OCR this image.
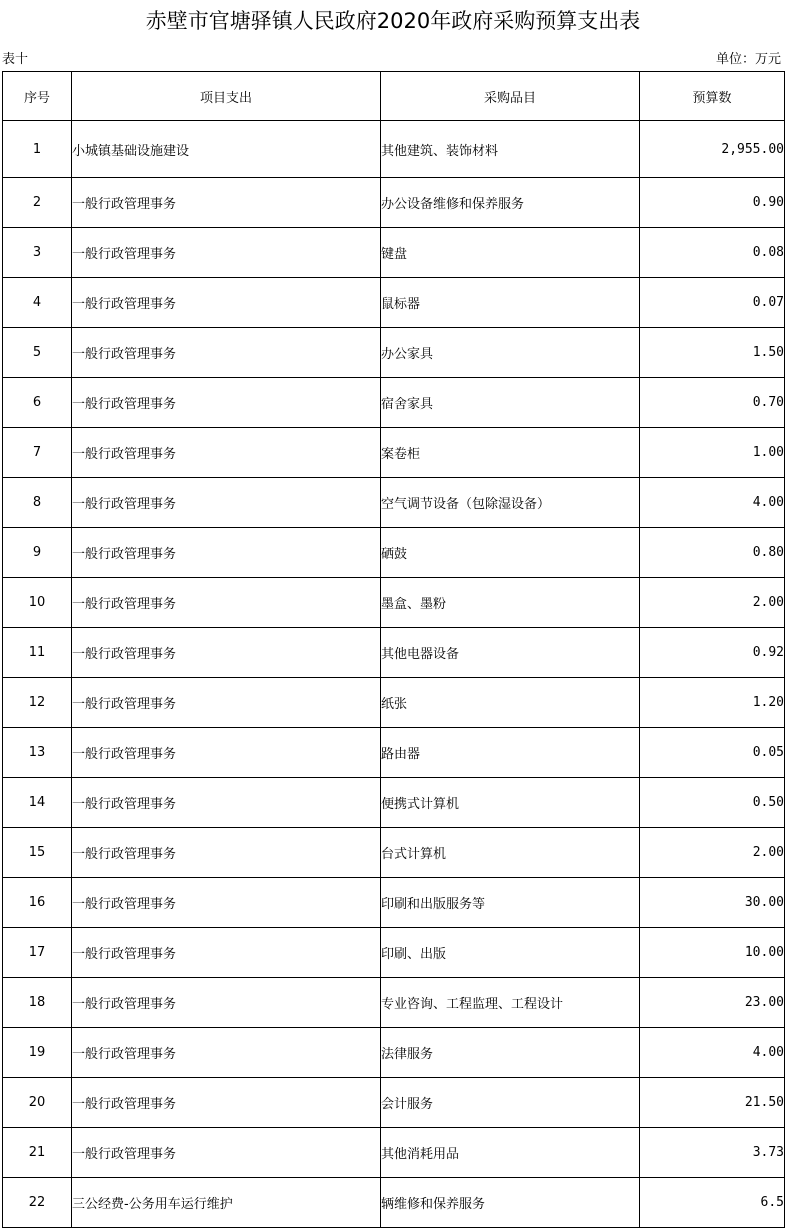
赤壁市官塘驿镇人民政府2020年政府采购预算支出表
表十	单位：万元
序号	项目支出	采购品目	预算数
1	小城镇基础设施建设	其他建筑、装饰材料	2,955.00
2	一般行政管理事务	办公设备维修和保养服务	0.90
3	一般行政管理事务	键盘	0.08
4	一般行政管理事务	鼠标器	0.07
5	一般行政管理事务	办公家具	1.50
6	一般行政管理事务	宿舍家具	0.70
7	一般行政管理事务	案卷柜	1.00
8	一般行政管理事务	空气调节设备（包除湿设备）	4.00
9	一般行政管理事务	硒鼓	0.80
10	一般行政管理事务	墨盒、墨粉	2.00
11	一般行政管理事务	其他电器设备	0.92
12	一般行政管理事务	纸张	1.20
13	一般行政管理事务	路由器	0.05
14	一般行政管理事务	便携式计算机	0.50
15	一般行政管理事务	台式计算机	2.00
16	一般行政管理事务	印刷和出版服务等	30.00
17	一般行政管理事务	印刷、出版	10.00
18	一般行政管理事务	专业咨询、工程监理、工程设计	23.00
19	一般行政管理事务	法律服务	4.00
20	一般行政管理事务	会计服务	21.50
21	一般行政管理事务	其他消耗用品	3.73
22	三公经费-公务用车运行维护	辆维修和保养服务	6.5
